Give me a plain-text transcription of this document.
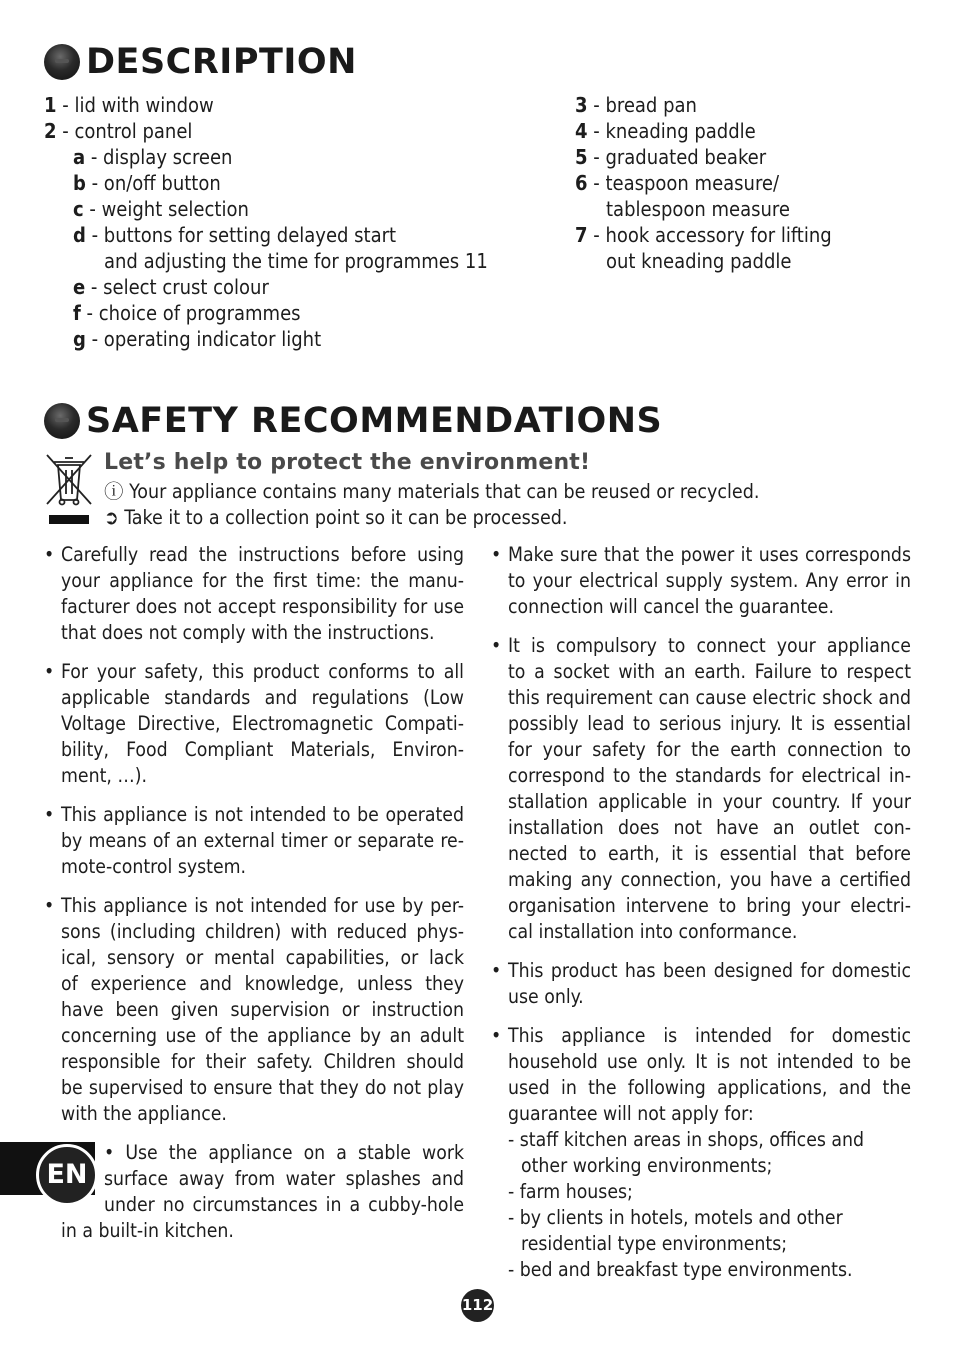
DESCRIPTION
1 - lid with window
2 - control panel
a - display screen
b - on/off button
c - weight selection
d - buttons for setting delayed start
and adjusting the time for programmes 11
e - select crust colour
f - choice of programmes
g - operating indicator light
3 - bread pan
4 - kneading paddle
5 - graduated beaker
6 - teaspoon measure/
tablespoon measure
7 - hook accessory for lifting
out kneading paddle
SAFETY RECOMMENDATIONS
Let’s help to protect the environment!
ⓘ Your appliance contains many materials that can be reused or recycled.
➲ Take it to a collection point so it can be processed.
• Carefully read the instructions before using
your appliance for the first time: the manu-
facturer does not accept responsibility for use
that does not comply with the instructions.
• For your safety, this product conforms to all
applicable standards and regulations (Low
Voltage Directive, Electromagnetic Compati-
bility, Food Compliant Materials, Environ-
ment, …).
• This appliance is not intended to be operated
by means of an external timer or separate re-
mote-control system.
• This appliance is not intended for use by per-
sons (including children) with reduced phys-
ical, sensory or mental capabilities, or lack
of experience and knowledge, unless they
have been given supervision or instruction
concerning use of the appliance by an adult
responsible for their safety. Children should
be supervised to ensure that they do not play
with the appliance.
• Use the appliance on a stable work
surface away from water splashes and
under no circumstances in a cubby-hole
in a built-in kitchen.
• Make sure that the power it uses corresponds
to your electrical supply system. Any error in
connection will cancel the guarantee.
• It is compulsory to connect your appliance
to a socket with an earth. Failure to respect
this requirement can cause electric shock and
possibly lead to serious injury. It is essential
for your safety for the earth connection to
correspond to the standards for electrical in-
stallation applicable in your country. If your
installation does not have an outlet con-
nected to earth, it is essential that before
making any connection, you have a certified
organisation intervene to bring your electri-
cal installation into conformance.
• This product has been designed for domestic
use only.
• This appliance is intended for domestic
household use only. It is not intended to be
used in the following applications, and the
guarantee will not apply for:
- staff kitchen areas in shops, offices and
other working environments;
- farm houses;
- by clients in hotels, motels and other
residential type environments;
- bed and breakfast type environments.
EN
112
